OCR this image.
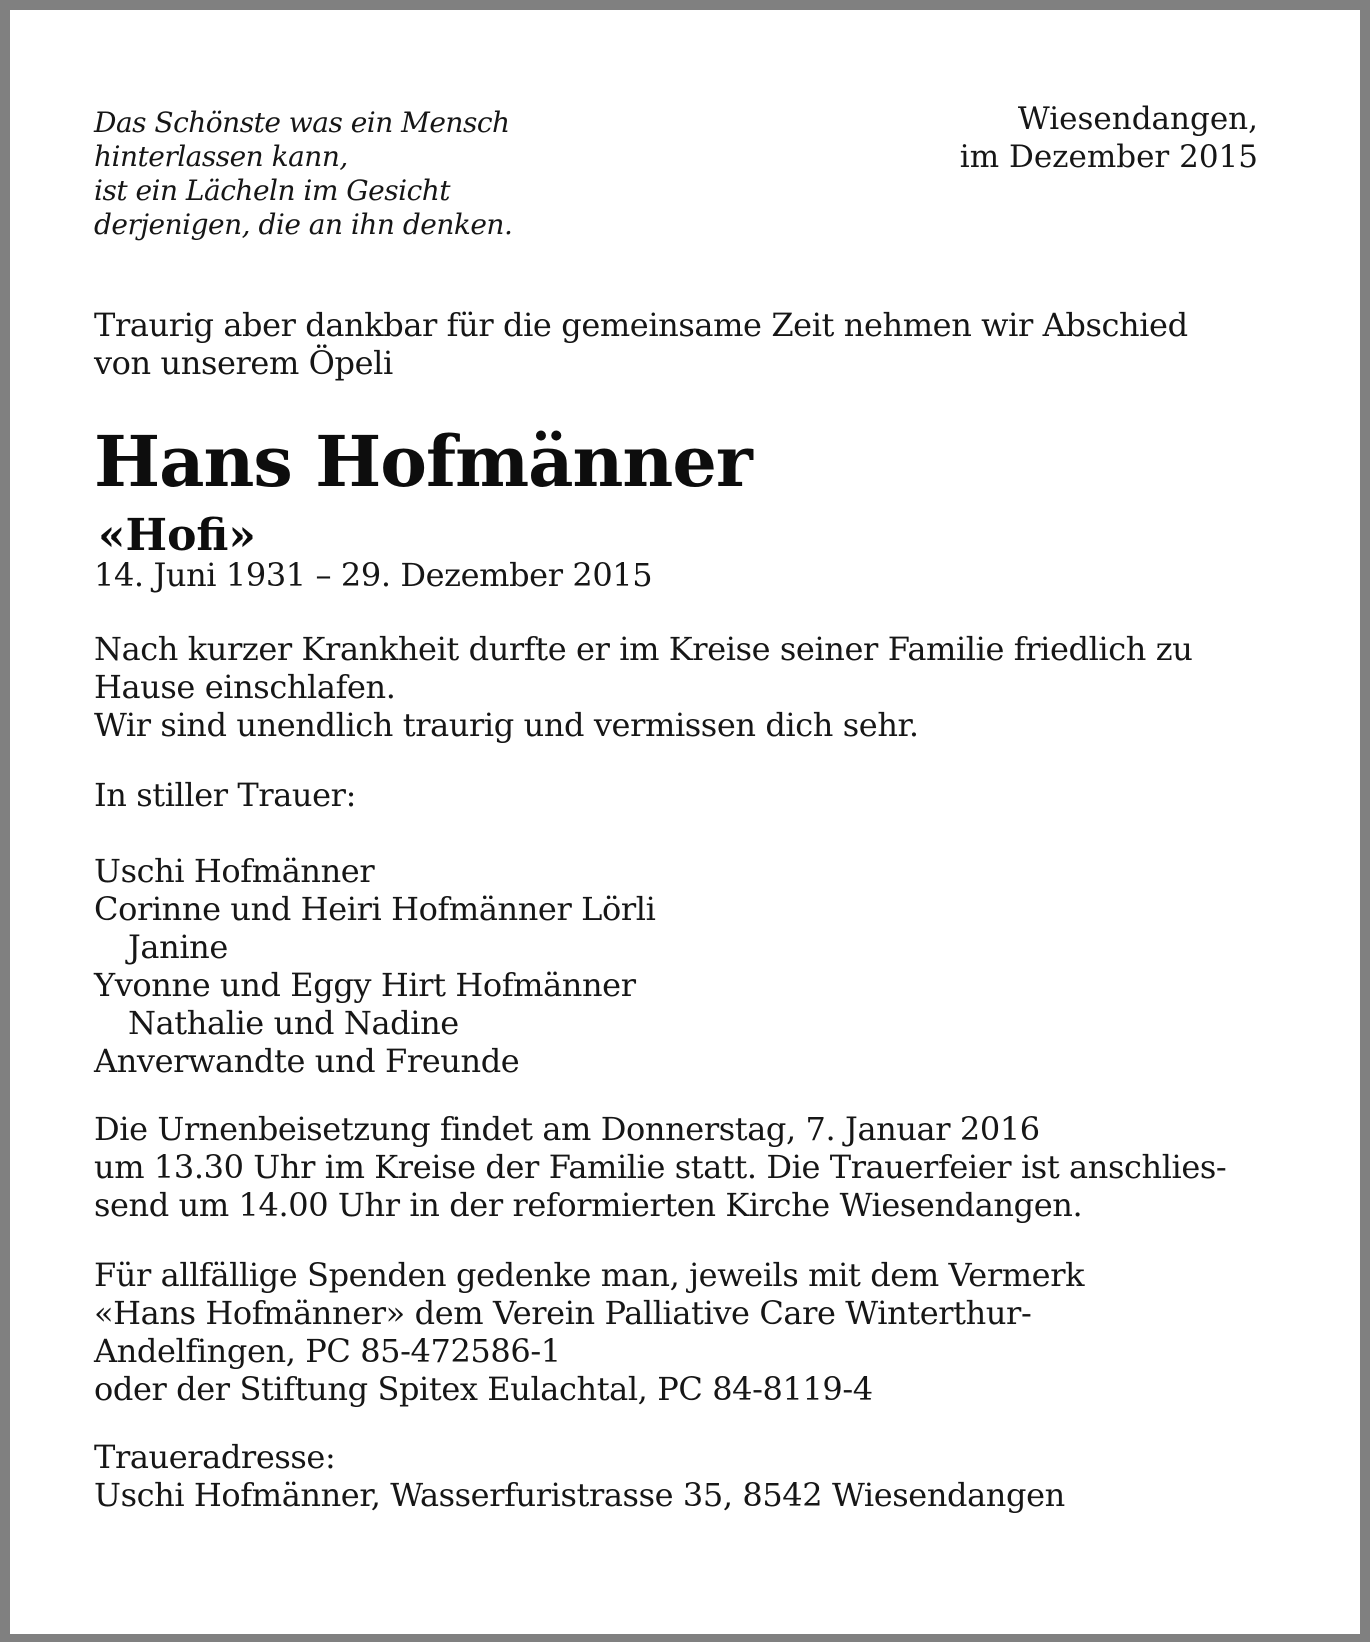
Das Schönste was ein Mensch
hinterlassen kann,
ist ein Lächeln im Gesicht
derjenigen, die an ihn denken.
Wiesendangen,
im Dezember 2015
Traurig aber dankbar für die gemeinsame Zeit nehmen wir Abschied
von unserem Öpeli
Hans Hofmänner
«Hofi»
14. Juni 1931 – 29. Dezember 2015
Nach kurzer Krankheit durfte er im Kreise seiner Familie friedlich zu
Hause einschlafen.
Wir sind unendlich traurig und vermissen dich sehr.
In stiller Trauer:
Uschi Hofmänner
Corinne und Heiri Hofmänner Lörli
Janine
Yvonne und Eggy Hirt Hofmänner
Nathalie und Nadine
Anverwandte und Freunde
Die Urnenbeisetzung findet am Donnerstag, 7. Januar 2016
um 13.30 Uhr im Kreise der Familie statt. Die Trauerfeier ist anschlies-
send um 14.00 Uhr in der reformierten Kirche Wiesendangen.
Für allfällige Spenden gedenke man, jeweils mit dem Vermerk
«Hans Hofmänner» dem Verein Palliative Care Winterthur-
Andelfingen, PC 85-472586-1
oder der Stiftung Spitex Eulachtal, PC 84-8119-4
Traueradresse:
Uschi Hofmänner, Wasserfuristrasse 35, 8542 Wiesendangen
